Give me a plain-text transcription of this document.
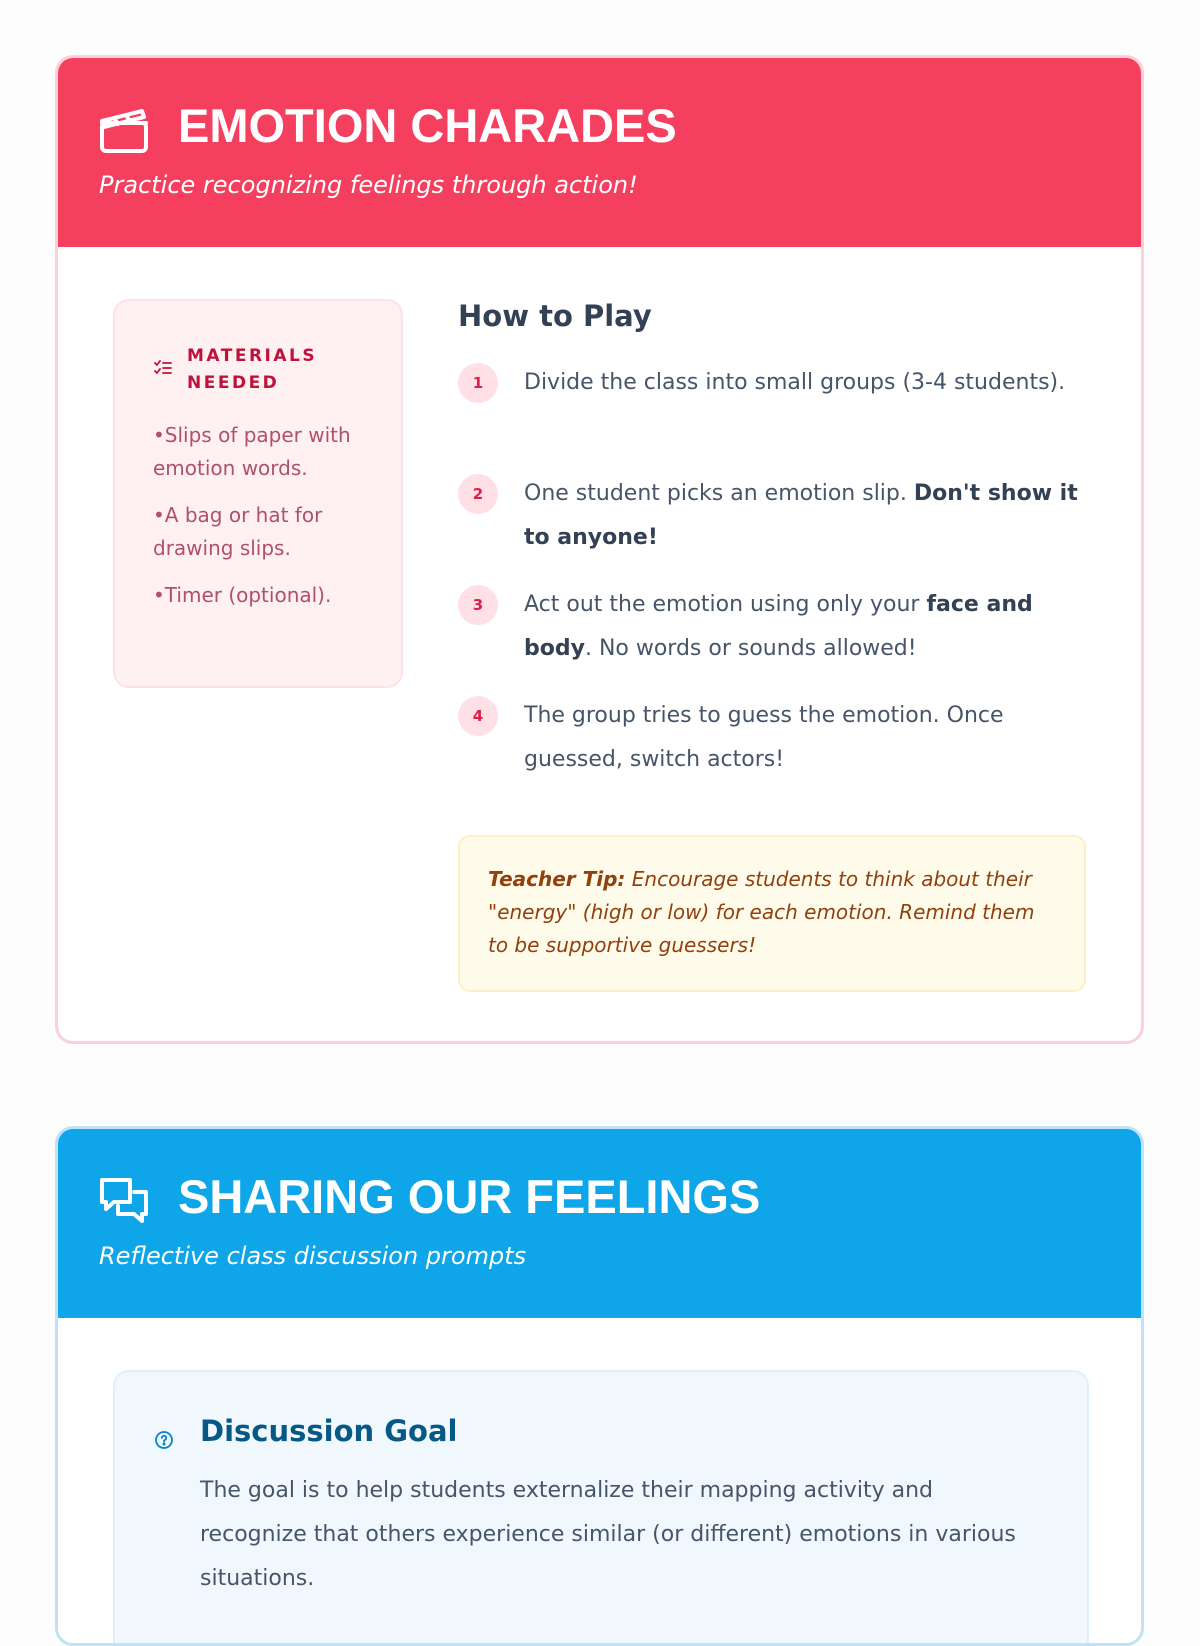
EMOTION CHARADES
Practice recognizing feelings through action!
MATERIALS NEEDED
• Slips of paper with emotion words.
• A bag or hat for drawing slips.
• Timer (optional).
How to Play
1	Divide the class into small groups (3-4 students).
2	One student picks an emotion slip. Don't show it to anyone!
3	Act out the emotion using only your face and body. No words or sounds allowed!
4	The group tries to guess the emotion. Once guessed, switch actors!
Teacher Tip: Encourage students to think about their "energy" (high or low) for each emotion. Remind them to be supportive guessers!
SHARING OUR FEELINGS
Reflective class discussion prompts
Discussion Goal
The goal is to help students externalize their mapping activity and recognize that others experience similar (or different) emotions in various situations.
